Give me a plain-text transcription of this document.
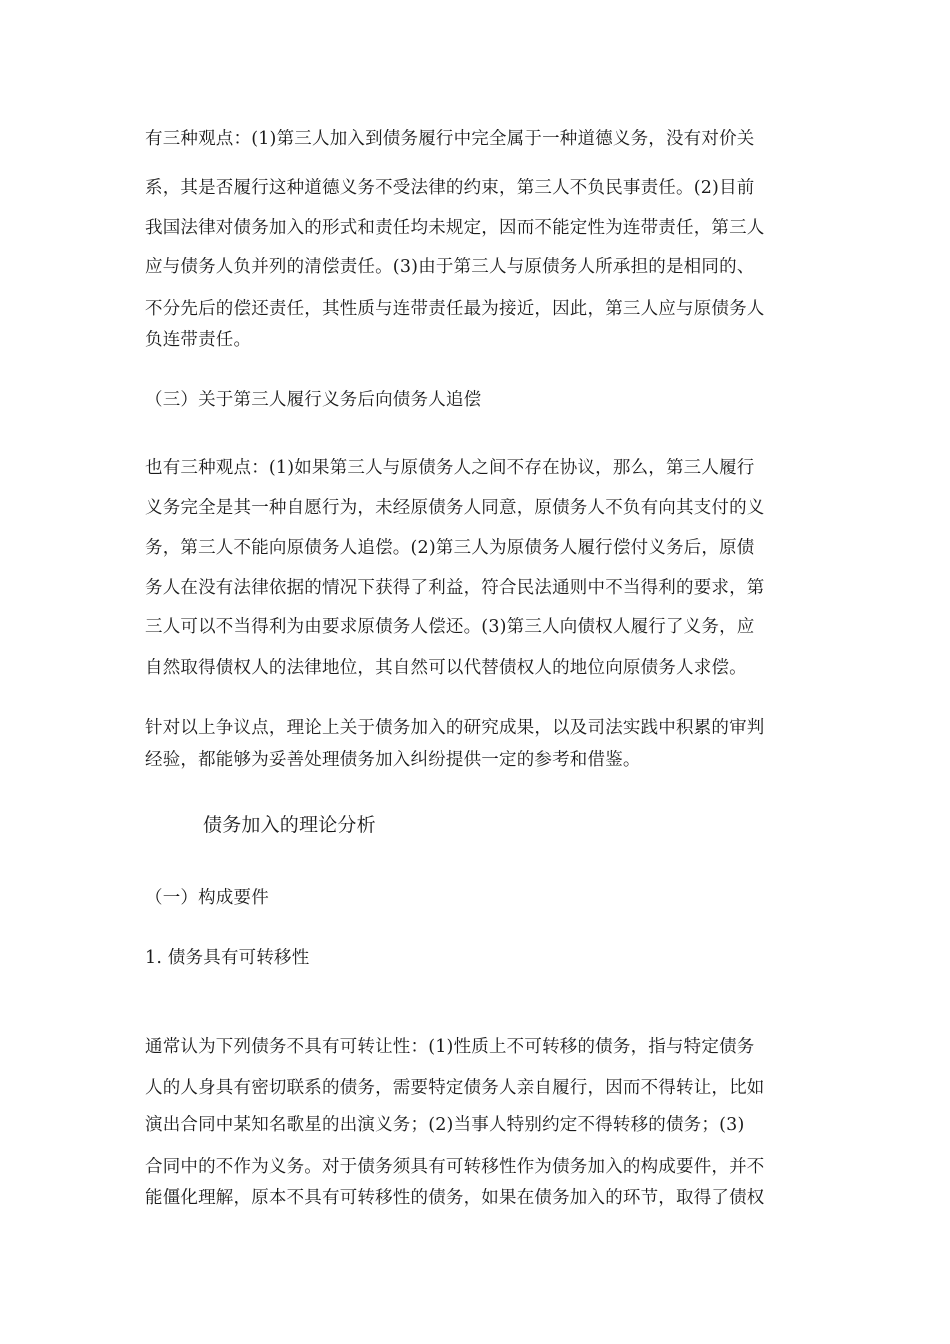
有三种观点：(1)第三人加入到债务履行中完全属于一种道德义务，没有对价关
系，其是否履行这种道德义务不受法律的约束，第三人不负民事责任。(2)目前
我国法律对债务加入的形式和责任均未规定，因而不能定性为连带责任，第三人
应与债务人负并列的清偿责任。(3)由于第三人与原债务人所承担的是相同的、
不分先后的偿还责任，其性质与连带责任最为接近，因此，第三人应与原债务人
负连带责任。
（三）关于第三人履行义务后向债务人追偿
也有三种观点：(1)如果第三人与原债务人之间不存在协议，那么，第三人履行
义务完全是其一种自愿行为，未经原债务人同意，原债务人不负有向其支付的义
务，第三人不能向原债务人追偿。(2)第三人为原债务人履行偿付义务后，原债
务人在没有法律依据的情况下获得了利益，符合民法通则中不当得利的要求，第
三人可以不当得利为由要求原债务人偿还。(3)第三人向债权人履行了义务，应
自然取得债权人的法律地位，其自然可以代替债权人的地位向原债务人求偿。
针对以上争议点，理论上关于债务加入的研究成果，以及司法实践中积累的审判
经验，都能够为妥善处理债务加入纠纷提供一定的参考和借鉴。
债务加入的理论分析
（一）构成要件
1. 债务具有可转移性
通常认为下列债务不具有可转让性：(1)性质上不可转移的债务，指与特定债务
人的人身具有密切联系的债务，需要特定债务人亲自履行，因而不得转让，比如
演出合同中某知名歌星的出演义务；(2)当事人特别约定不得转移的债务；(3)
合同中的不作为义务。对于债务须具有可转移性作为债务加入的构成要件，并不
能僵化理解，原本不具有可转移性的债务，如果在债务加入的环节，取得了债权
